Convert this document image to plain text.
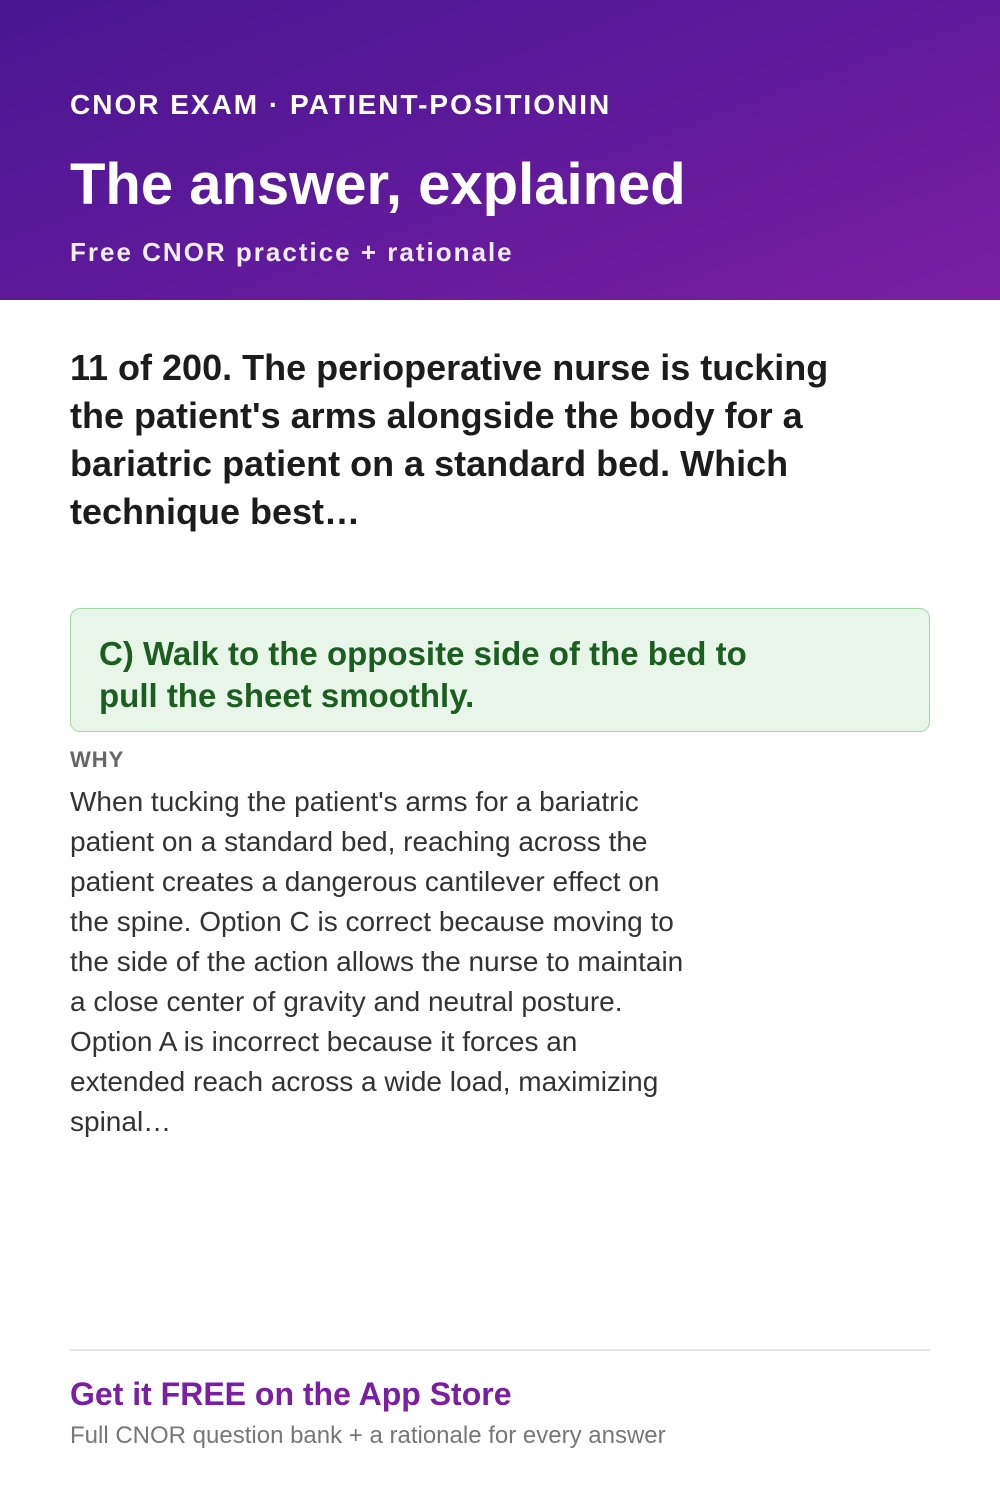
CNOR EXAM · PATIENT-POSITIONIN
The answer, explained
Free CNOR practice + rationale

11 of 200. The perioperative nurse is tucking the patient's arms alongside the body for a bariatric patient on a standard bed. Which technique best…

C) Walk to the opposite side of the bed to pull the sheet smoothly.
WHY
When tucking the patient's arms for a bariatric patient on a standard bed, reaching across the patient creates a dangerous cantilever effect on the spine. Option C is correct because moving to the side of the action allows the nurse to maintain a close center of gravity and neutral posture. Option A is incorrect because it forces an extended reach across a wide load, maximizing spinal…
Get it FREE on the App Store
Full CNOR question bank + a rationale for every answer
